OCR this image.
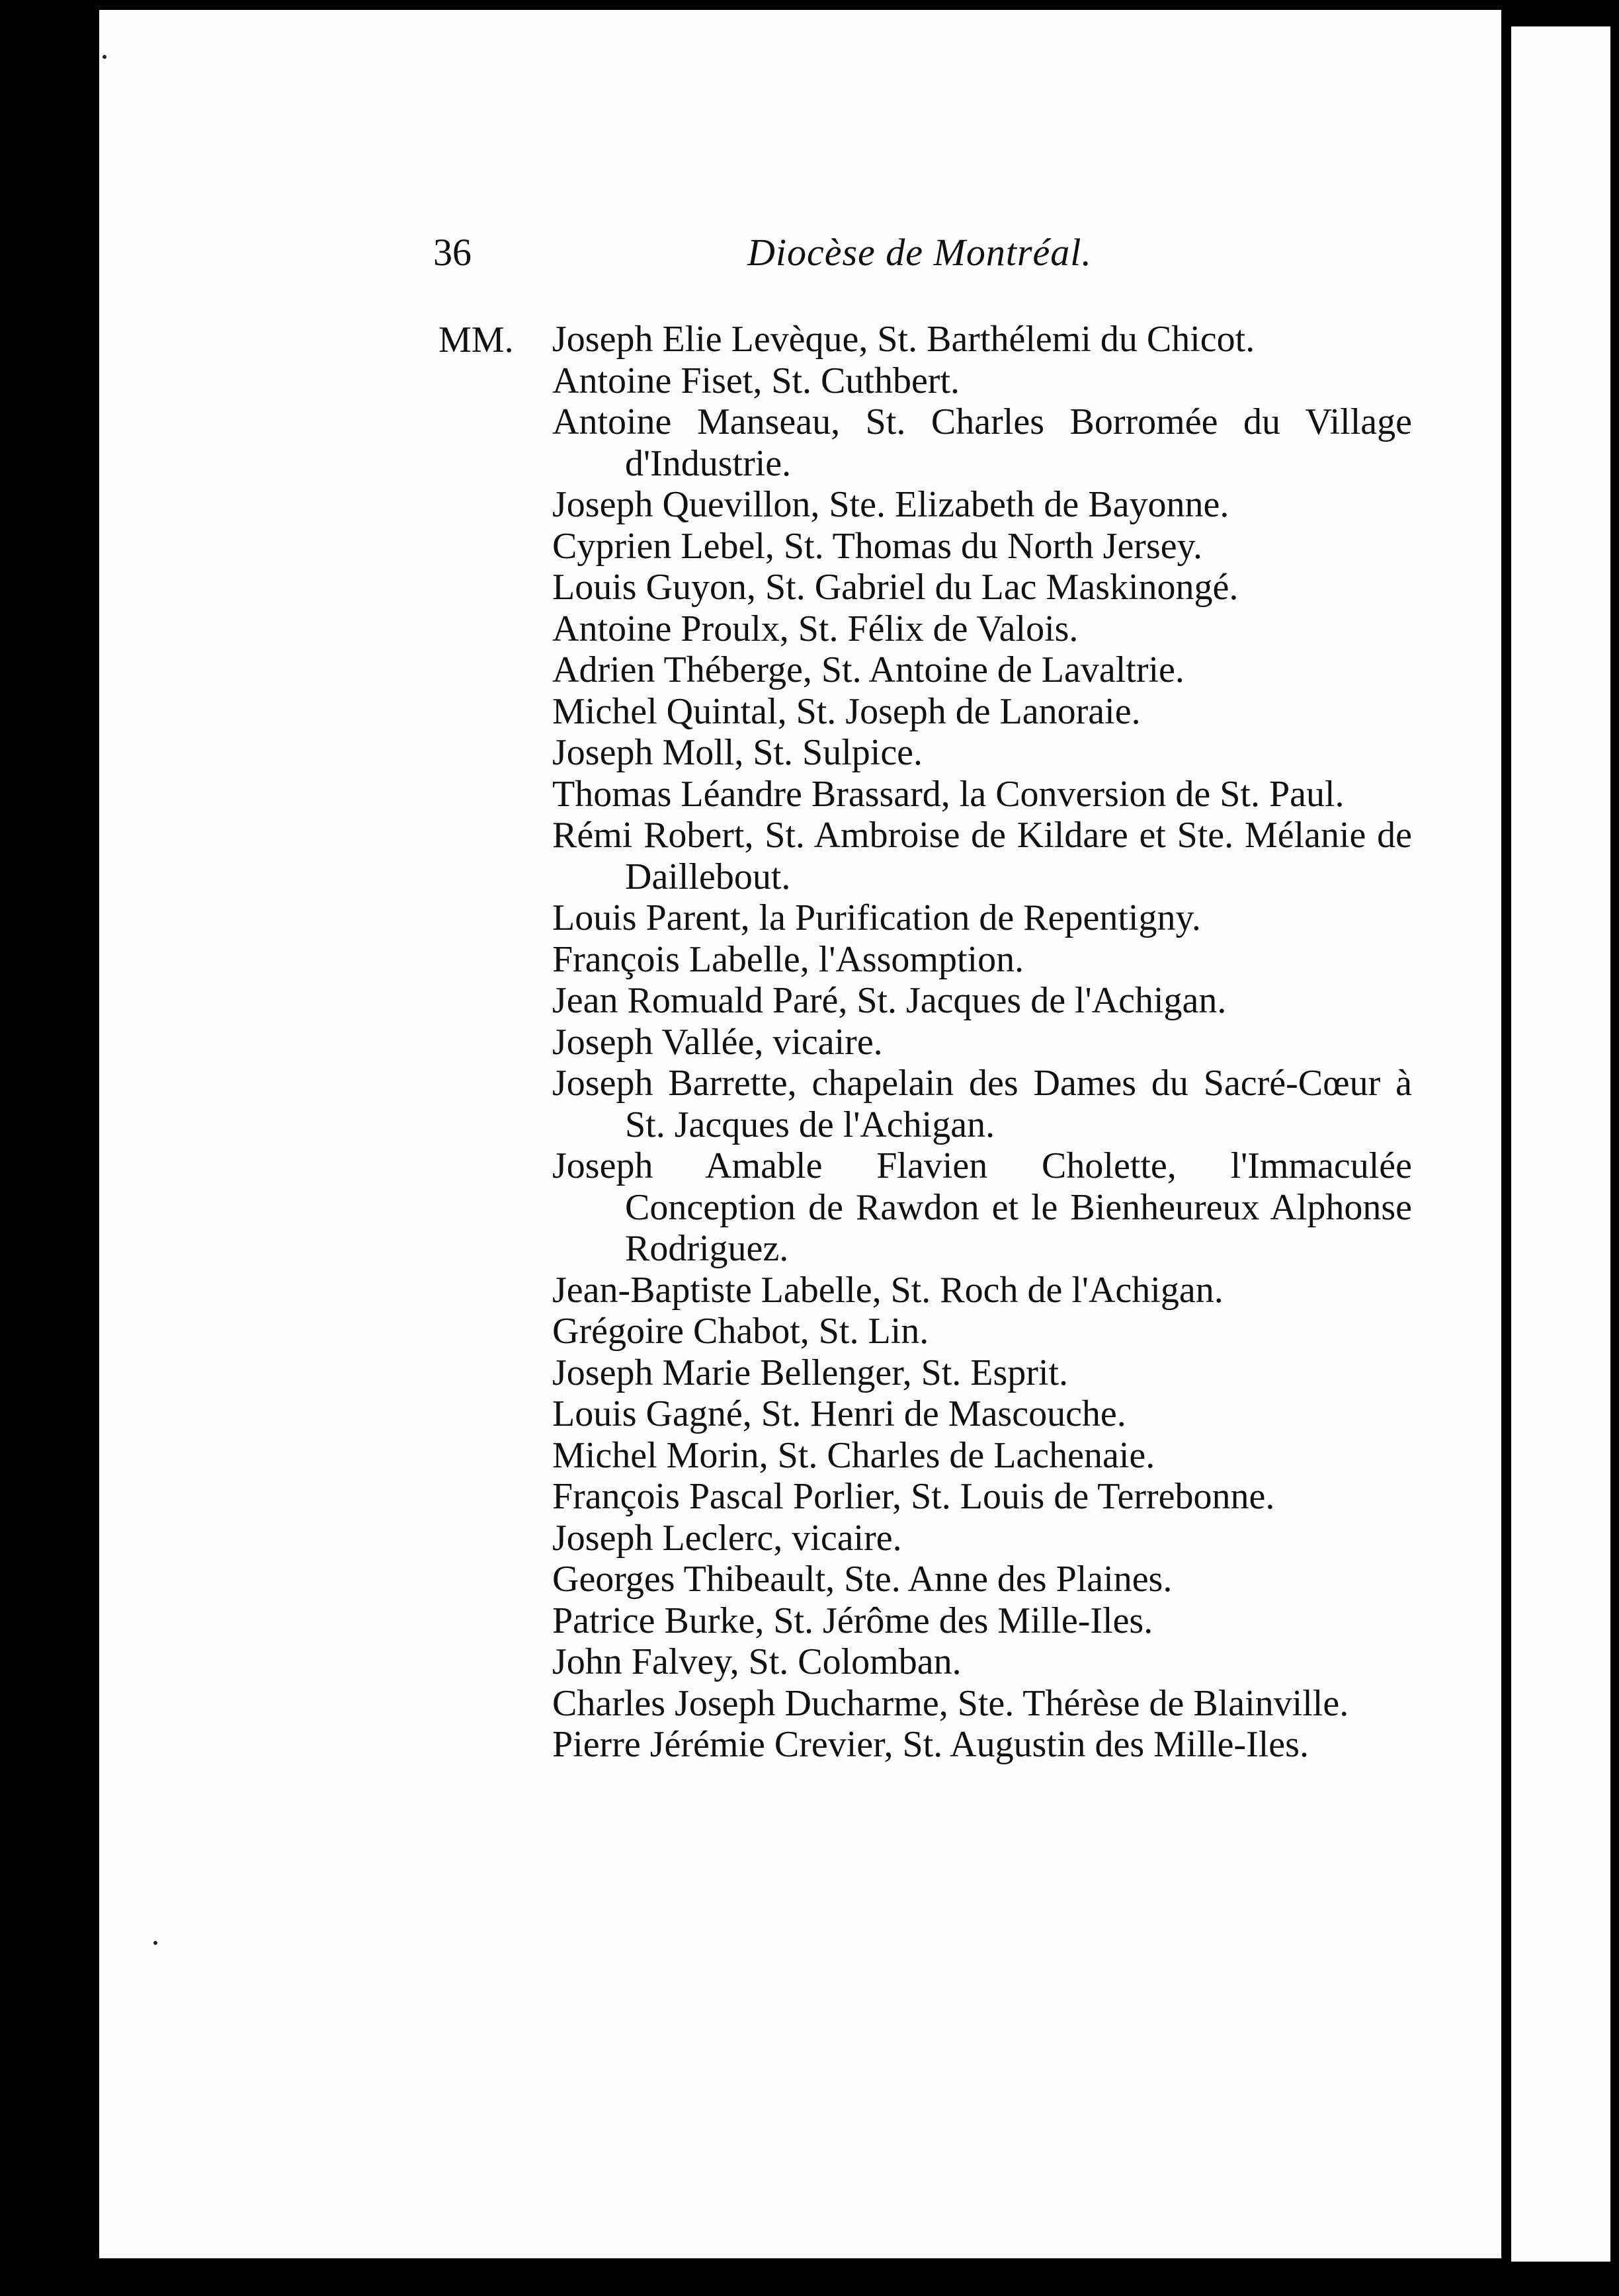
36	Diocèse de Montréal.
MM. Joseph Elie Levèque, St. Barthélemi du Chicot.

Antoine Fiset, St. Cuthbert.

Antoine Manseau, St. Charles Borromée du Village d'Industrie.

Joseph Quevillon, Ste. Elizabeth de Bayonne.

Cyprien Lebel, St. Thomas du North Jersey.

Louis Guyon, St. Gabriel du Lac Maskinongé.

Antoine Proulx, St. Félix de Valois.

Adrien Théberge, St. Antoine de Lavaltrie.

Michel Quintal, St. Joseph de Lanoraie.

Joseph Moll, St. Sulpice.

Thomas Léandre Brassard, la Conversion de St. Paul.

Rémi Robert, St. Ambroise de Kildare et Ste. Mélanie de Daillebout.

Louis Parent, la Purification de Repentigny.

François Labelle, l'Assomption.

Jean Romuald Paré, St. Jacques de l'Achigan.

Joseph Vallée, vicaire.

Joseph Barrette, chapelain des Dames du Sacré-Cœur à St. Jacques de l'Achigan.

Joseph Amable Flavien Cholette, l'Immaculée Conception de Rawdon et le Bienheureux Alphonse Rodriguez.

Jean-Baptiste Labelle, St. Roch de l'Achigan.

Grégoire Chabot, St. Lin.

Joseph Marie Bellenger, St. Esprit.

Louis Gagné, St. Henri de Mascouche.

Michel Morin, St. Charles de Lachenaie.

François Pascal Porlier, St. Louis de Terrebonne.

Joseph Leclerc, vicaire.

Georges Thibeault, Ste. Anne des Plaines.

Patrice Burke, St. Jérôme des Mille-Iles.

John Falvey, St. Colomban.

Charles Joseph Ducharme, Ste. Thérèse de Blainville.

Pierre Jérémie Crevier, St. Augustin des Mille-Iles.
